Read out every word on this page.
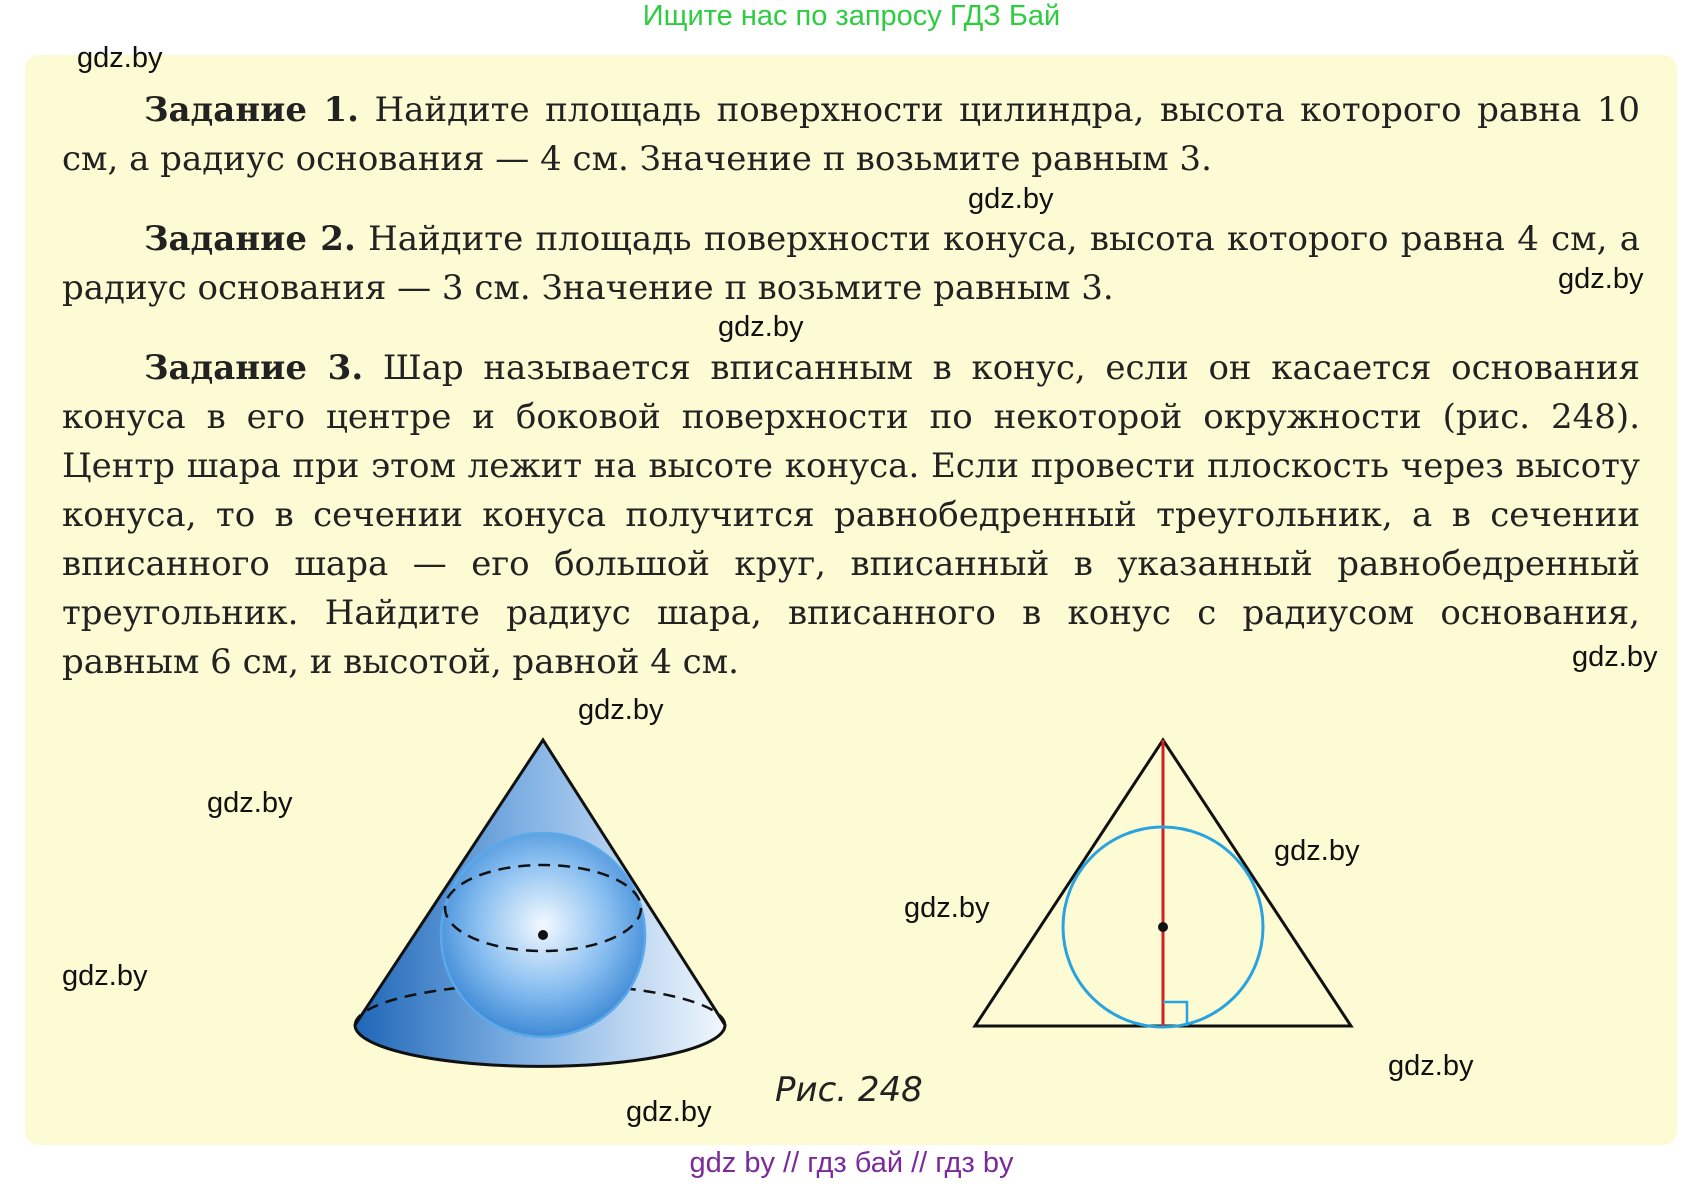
Ищите нас по запросу ГДЗ Бай

Задание 1. Найдите площадь поверхности цилиндра, высота которого равна 10 см, а радиус основания — 4 см. Значение π возьмите равным 3.

Задание 2. Найдите площадь поверхности конуса, высота которого равна 4 см, а радиус основания — 3 см. Значение π возьмите равным 3.

Задание 3. Шар называется вписанным в конус, если он касается основания конуса в его центре и боковой поверхности по некоторой окружности (рис. 248). Центр шара при этом лежит на высоте конуса. Если провести плоскость через высоту конуса, то в сечении конуса получится равнобедренный треугольник, а в сечении вписанного шара — его большой круг, вписанный в указанный равнобедренный треугольник. Найдите радиус шара, вписанного в конус с радиусом основания, равным 6 см, и высотой, равной 4 см.

Рис. 248
gdz.by
gdz.by
gdz.by
gdz.by
gdz.by
gdz.by
gdz.by
gdz.by
gdz.by
gdz.by
gdz.by
gdz.by
gdz by // гдз бай // гдз by
